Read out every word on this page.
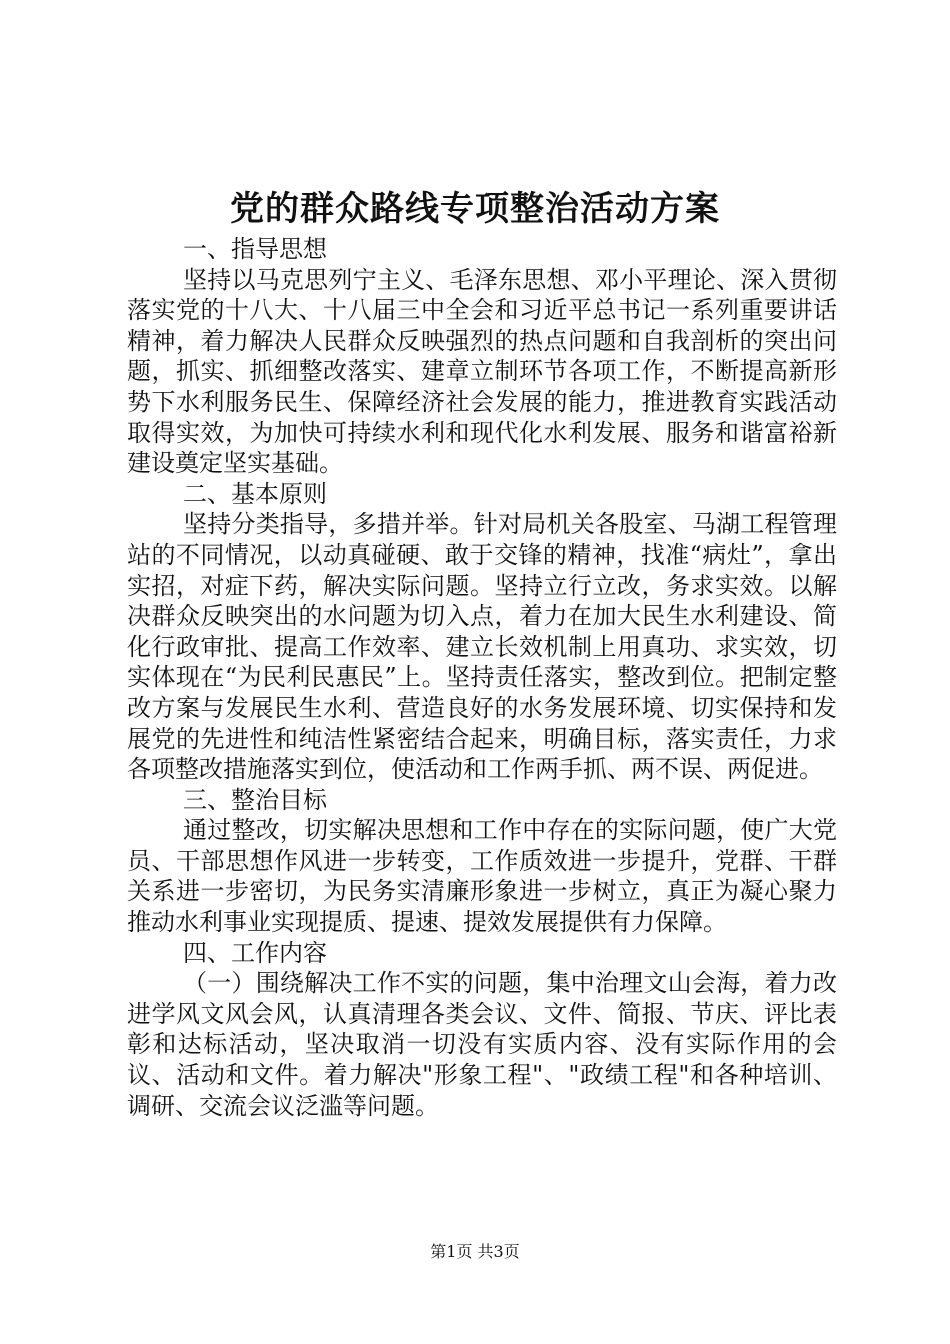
党的群众路线专项整治活动方案

一、指导思想

坚持以马克思列宁主义、毛泽东思想、邓小平理论、深入贯彻落实党的十八大、十八届三中全会和习近平总书记一系列重要讲话精神，着力解决人民群众反映强烈的热点问题和自我剖析的突出问题，抓实、抓细整改落实、建章立制环节各项工作，不断提高新形势下水利服务民生、保障经济社会发展的能力，推进教育实践活动取得实效，为加快可持续水利和现代化水利发展、服务和谐富裕新建设奠定坚实基础。

二、基本原则

坚持分类指导，多措并举。针对局机关各股室、马湖工程管理站的不同情况，以动真碰硬、敢于交锋的精神，找准“病灶”，拿出实招，对症下药，解决实际问题。坚持立行立改，务求实效。以解决群众反映突出的水问题为切入点，着力在加大民生水利建设、简化行政审批、提高工作效率、建立长效机制上用真功、求实效，切实体现在“为民利民惠民”上。坚持责任落实，整改到位。把制定整改方案与发展民生水利、营造良好的水务发展环境、切实保持和发展党的先进性和纯洁性紧密结合起来，明确目标，落实责任，力求各项整改措施落实到位，使活动和工作两手抓、两不误、两促进。

三、整治目标

通过整改，切实解决思想和工作中存在的实际问题，使广大党员、干部思想作风进一步转变，工作质效进一步提升，党群、干群关系进一步密切，为民务实清廉形象进一步树立，真正为凝心聚力推动水利事业实现提质、提速、提效发展提供有力保障。

四、工作内容

（一）围绕解决工作不实的问题，集中治理文山会海，着力改进学风文风会风，认真清理各类会议、文件、简报、节庆、评比表彰和达标活动，坚决取消一切没有实质内容、没有实际作用的会议、活动和文件。着力解决"形象工程"、"政绩工程"和各种培训、调研、交流会议泛滥等问题。

第1页 共3页
